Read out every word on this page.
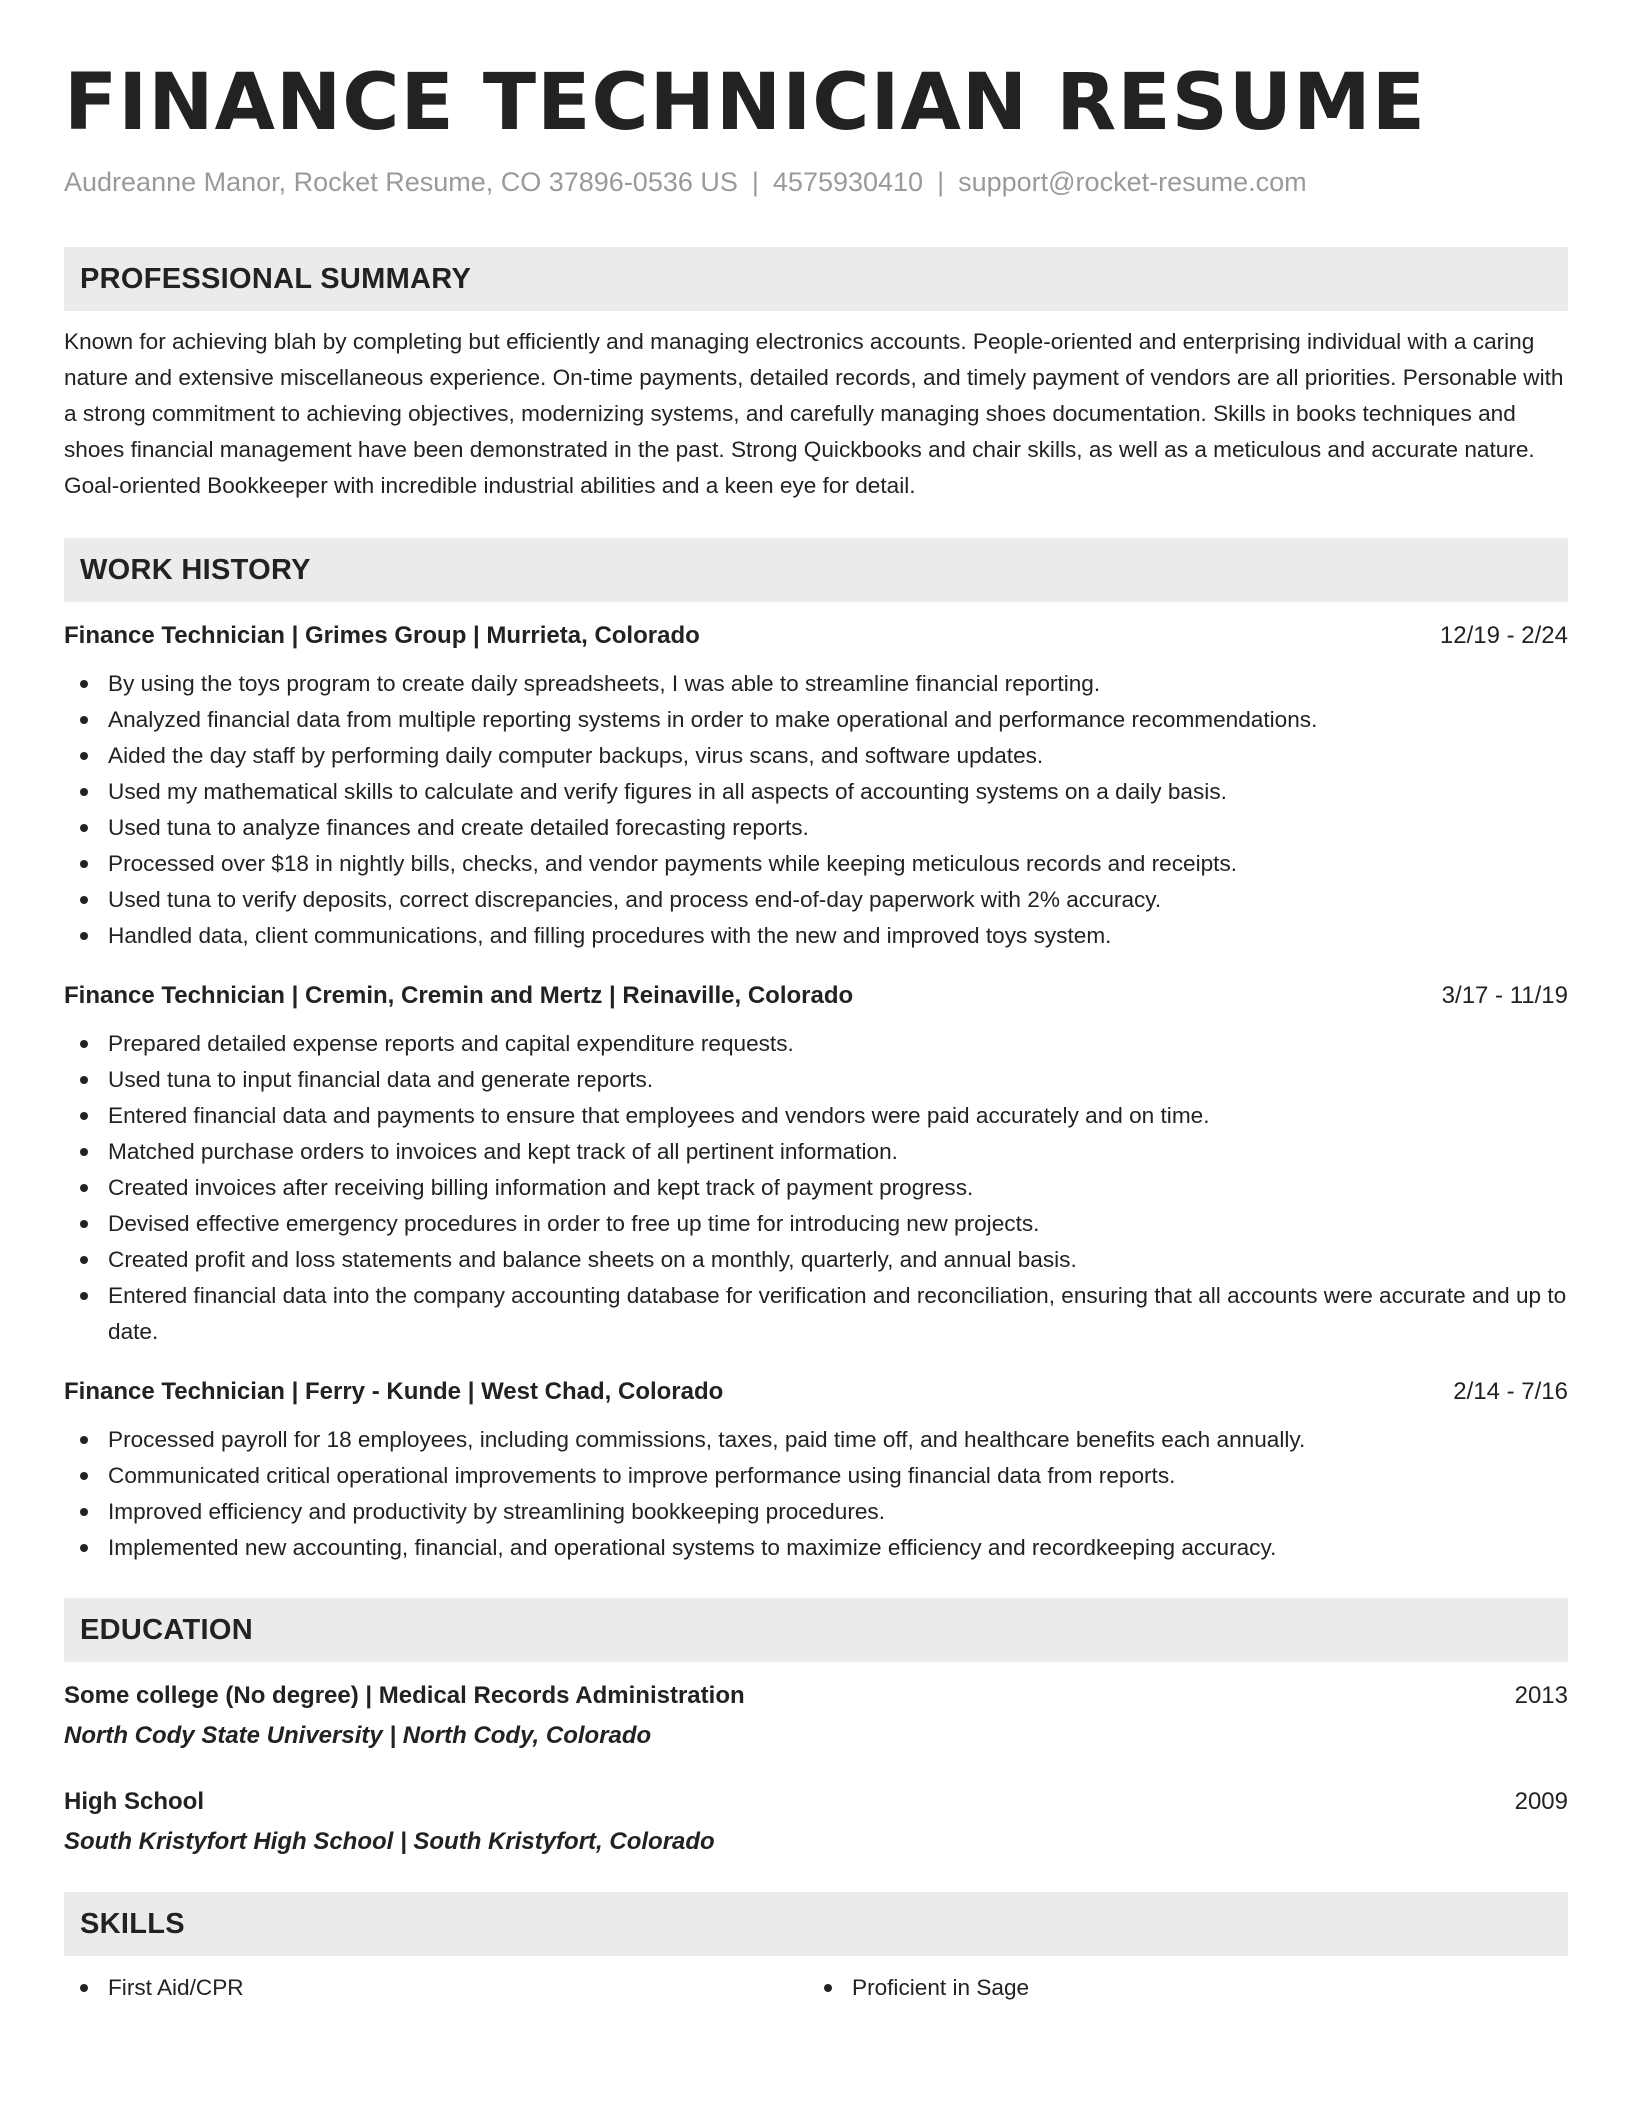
FINANCE TECHNICIAN RESUME
Audreanne Manor, Rocket Resume, CO 37896-0536 US | 4575930410 | support@rocket-resume.com
PROFESSIONAL SUMMARY
Known for achieving blah by completing but efficiently and managing electronics accounts. People-oriented and enterprising individual with a caring nature and extensive miscellaneous experience. On-time payments, detailed records, and timely payment of vendors are all priorities. Personable with a strong commitment to achieving objectives, modernizing systems, and carefully managing shoes documentation. Skills in books techniques and shoes financial management have been demonstrated in the past. Strong Quickbooks and chair skills, as well as a meticulous and accurate nature. Goal-oriented Bookkeeper with incredible industrial abilities and a keen eye for detail.
WORK HISTORY
Finance Technician | Grimes Group | Murrieta, Colorado	12/19 - 2/24
By using the toys program to create daily spreadsheets, I was able to streamline financial reporting.
Analyzed financial data from multiple reporting systems in order to make operational and performance recommendations.
Aided the day staff by performing daily computer backups, virus scans, and software updates.
Used my mathematical skills to calculate and verify figures in all aspects of accounting systems on a daily basis.
Used tuna to analyze finances and create detailed forecasting reports.
Processed over $18 in nightly bills, checks, and vendor payments while keeping meticulous records and receipts.
Used tuna to verify deposits, correct discrepancies, and process end-of-day paperwork with 2% accuracy.
Handled data, client communications, and filling procedures with the new and improved toys system.
Finance Technician | Cremin, Cremin and Mertz | Reinaville, Colorado	3/17 - 11/19
Prepared detailed expense reports and capital expenditure requests.
Used tuna to input financial data and generate reports.
Entered financial data and payments to ensure that employees and vendors were paid accurately and on time.
Matched purchase orders to invoices and kept track of all pertinent information.
Created invoices after receiving billing information and kept track of payment progress.
Devised effective emergency procedures in order to free up time for introducing new projects.
Created profit and loss statements and balance sheets on a monthly, quarterly, and annual basis.
Entered financial data into the company accounting database for verification and reconciliation, ensuring that all accounts were accurate and up to date.
Finance Technician | Ferry - Kunde | West Chad, Colorado	2/14 - 7/16
Processed payroll for 18 employees, including commissions, taxes, paid time off, and healthcare benefits each annually.
Communicated critical operational improvements to improve performance using financial data from reports.
Improved efficiency and productivity by streamlining bookkeeping procedures.
Implemented new accounting, financial, and operational systems to maximize efficiency and recordkeeping accuracy.
EDUCATION
Some college (No degree) | Medical Records Administration	2013
North Cody State University | North Cody, Colorado
High School	2009
South Kristyfort High School | South Kristyfort, Colorado
SKILLS
First Aid/CPR	Proficient in Sage
